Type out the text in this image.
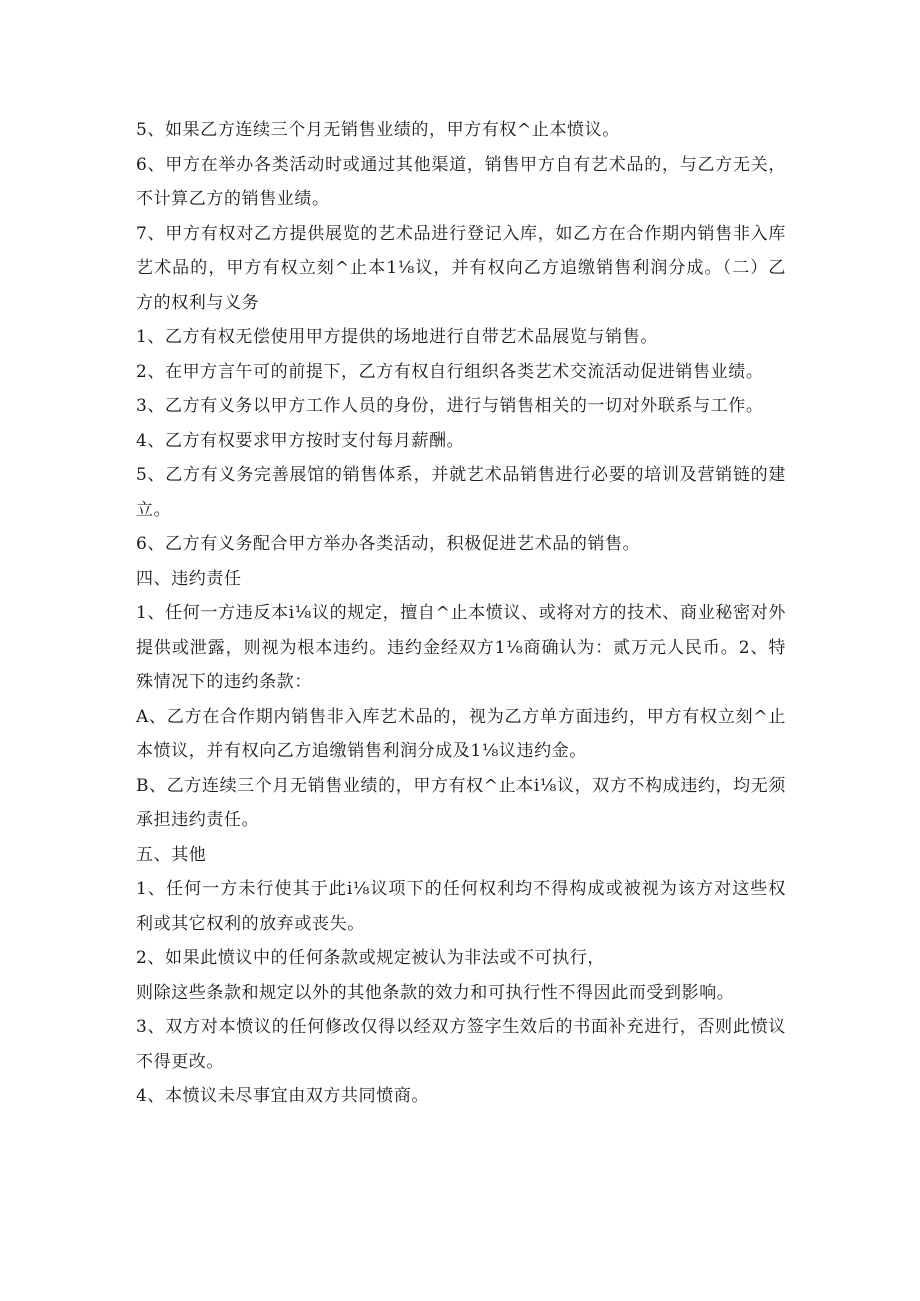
5、如果乙方连续三个月无销售业绩的，甲方有权^止本愤议。

6、甲方在举办各类活动时或通过其他渠道，销售甲方自有艺术品的，与乙方无关，不计算乙方的销售业绩。

7、甲方有权对乙方提供展览的艺术品进行登记入库，如乙方在合作期内销售非入库艺术品的，甲方有权立刻^止本1⅛议，并有权向乙方追缴销售利润分成。（二）乙方的权利与义务

1、乙方有权无偿使用甲方提供的场地进行自带艺术品展览与销售。

2、在甲方言午可的前提下，乙方有权自行组织各类艺术交流活动促进销售业绩。

3、乙方有义务以甲方工作人员的身份，进行与销售相关的一切对外联系与工作。

4、乙方有权要求甲方按时支付每月薪酬。

5、乙方有义务完善展馆的销售体系，并就艺术品销售进行必要的培训及营销链的建立。

6、乙方有义务配合甲方举办各类活动，积极促进艺术品的销售。

四、违约责任

1、任何一方违反本i⅛议的规定，擅自^止本愤议、或将对方的技术、商业秘密对外提供或泄露，则视为根本违约。违约金经双方1⅛商确认为：贰万元人民币。2、特殊情况下的违约条款：

A、乙方在合作期内销售非入库艺术品的，视为乙方单方面违约，甲方有权立刻^止本愤议，并有权向乙方追缴销售利润分成及1⅛议违约金。

B、乙方连续三个月无销售业绩的，甲方有权^止本i⅛议，双方不构成违约，均无须承担违约责任。

五、其他

1、任何一方未行使其于此i⅛议项下的任何权利均不得构成或被视为该方对这些权利或其它权利的放弃或丧失。

2、如果此愤议中的任何条款或规定被认为非法或不可执行，

则除这些条款和规定以外的其他条款的效力和可执行性不得因此而受到影响。

3、双方对本愤议的任何修改仅得以经双方签字生效后的书面补充进行，否则此愤议不得更改。

4、本愤议未尽事宜由双方共同愤商。
